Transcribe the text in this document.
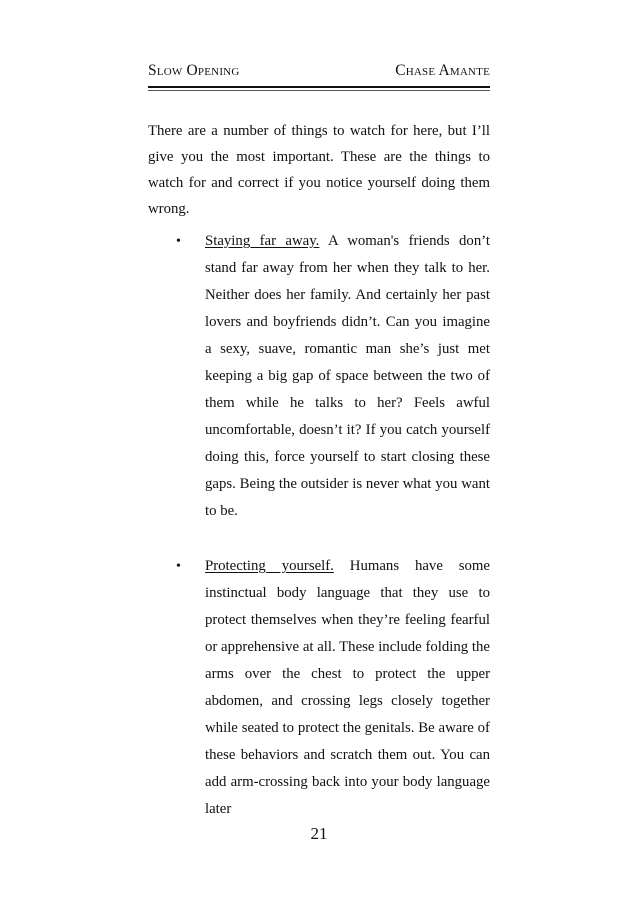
Slow Opening	Chase Amante

There are a number of things to watch for here, but I’ll give you the most important. These are the things to watch for and correct if you notice yourself doing them wrong.

• Staying far away. A woman's friends don’t stand far away from her when they talk to her. Neither does her family. And certainly her past lovers and boyfriends didn’t. Can you imagine a sexy, suave, romantic man she’s just met keeping a big gap of space between the two of them while he talks to her? Feels awful uncomfortable, doesn’t it? If you catch yourself doing this, force yourself to start closing these gaps. Being the outsider is never what you want to be.
• Protecting yourself. Humans have some instinctual body language that they use to protect themselves when they’re feeling fearful or apprehensive at all. These include folding the arms over the chest to protect the upper abdomen, and crossing legs closely together while seated to protect the genitals. Be aware of these behaviors and scratch them out. You can add arm-crossing back into your body language later
21
